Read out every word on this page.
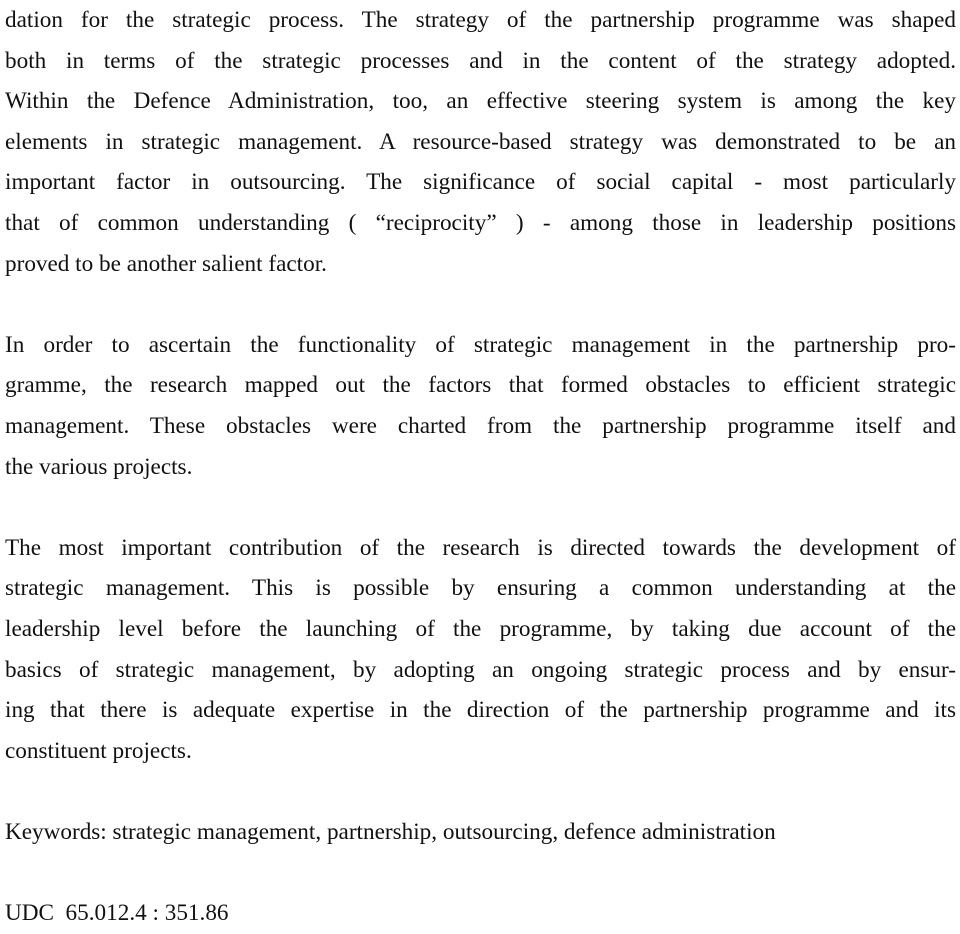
dation for the strategic process. The strategy of the partnership programme was shaped
both in terms of the strategic processes and in the content of the strategy adopted.
Within the Defence Administration, too, an effective steering system is among the key
elements in strategic management. A resource-based strategy was demonstrated to be an
important factor in outsourcing. The significance of social capital - most particularly
that of common understanding ( “reciprocity” ) - among those in leadership positions
proved to be another salient factor.
In order to ascertain the functionality of strategic management in the partnership pro-
gramme, the research mapped out the factors that formed obstacles to efficient strategic
management. These obstacles were charted from the partnership programme itself and
the various projects.
The most important contribution of the research is directed towards the development of
strategic management. This is possible by ensuring a common understanding at the
leadership level before the launching of the programme, by taking due account of the
basics of strategic management, by adopting an ongoing strategic process and by ensur-
ing that there is adequate expertise in the direction of the partnership programme and its
constituent projects.
Keywords: strategic management, partnership, outsourcing, defence administration
UDC  65.012.4 : 351.86
